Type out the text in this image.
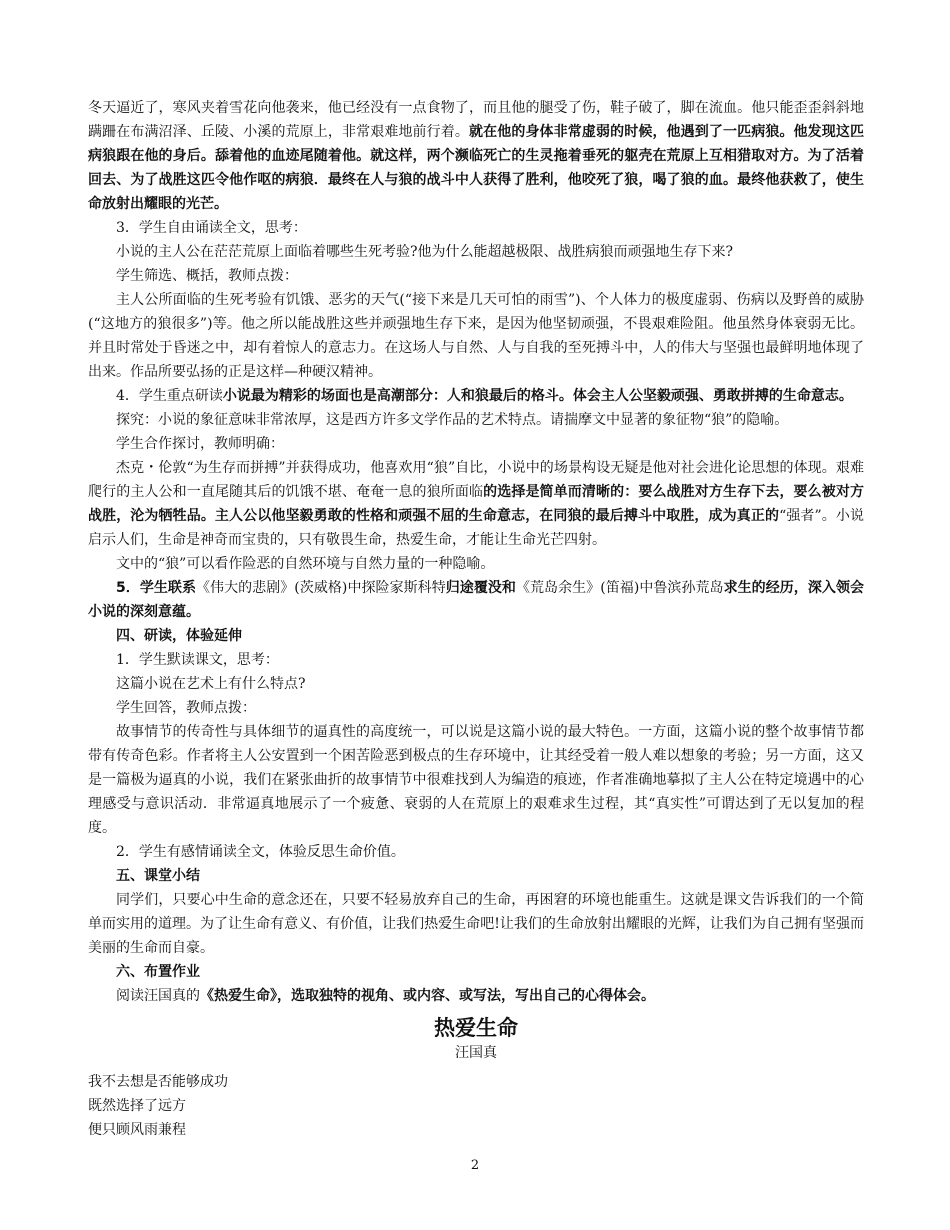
冬天逼近了，寒风夹着雪花向他袭来，他已经没有一点食物了，而且他的腿受了伤，鞋子破了，脚在流血。他只能歪歪斜斜地蹒跚在布满沼泽、丘陵、小溪的荒原上，非常艰难地前行着。就在他的身体非常虚弱的时候，他遇到了一匹病狼。他发现这匹病狼跟在他的身后。舔着他的血迹尾随着他。就这样，两个濒临死亡的生灵拖着垂死的躯壳在荒原上互相猎取对方。为了活着回去、为了战胜这匹令他作呕的病狼．最终在人与狼的战斗中人获得了胜利，他咬死了狼，喝了狼的血。最终他获救了，使生命放射出耀眼的光芒。

3．学生自由诵读全文，思考：

小说的主人公在茫茫荒原上面临着哪些生死考验?他为什么能超越极限、战胜病狼而顽强地生存下来?

学生筛选、概括，教师点拨：

主人公所面临的生死考验有饥饿、恶劣的天气(“接下来是几天可怕的雨雪”)、个人体力的极度虚弱、伤病以及野兽的威胁(“这地方的狼很多”)等。他之所以能战胜这些并顽强地生存下来，是因为他坚韧顽强，不畏艰难险阻。他虽然身体衰弱无比。并且时常处于昏迷之中，却有着惊人的意志力。在这场人与自然、人与自我的至死搏斗中，人的伟大与坚强也最鲜明地体现了出来。作品所要弘扬的正是这样—种硬汉精神。

4．学生重点研读小说最为精彩的场面也是高潮部分：人和狼最后的格斗。体会主人公坚毅顽强、勇敢拼搏的生命意志。

探究：小说的象征意味非常浓厚，这是西方许多文学作品的艺术特点。请揣摩文中显著的象征物“狼”的隐喻。

学生合作探讨，教师明确：

杰克・伦敦“为生存而拼搏”并获得成功，他喜欢用“狼”自比，小说中的场景构设无疑是他对社会进化论思想的体现。艰难爬行的主人公和一直尾随其后的饥饿不堪、奄奄一息的狼所面临的选择是简单而清晰的：要么战胜对方生存下去，要么被对方战胜，沦为牺牲品。主人公以他坚毅勇敢的性格和顽强不屈的生命意志，在同狼的最后搏斗中取胜，成为真正的“强者”。小说启示人们，生命是神奇而宝贵的，只有敬畏生命，热爱生命，才能让生命光芒四射。

文中的“狼”可以看作险恶的自然环境与自然力量的一种隐喻。

5．学生联系《伟大的悲剧》(茨威格)中探险家斯科特归途覆没和《荒岛余生》(笛福)中鲁滨孙荒岛求生的经历，深入领会小说的深刻意蕴。

四、研读，体验延伸

1．学生默读课文，思考：

这篇小说在艺术上有什么特点?

学生回答，教师点拨：

故事情节的传奇性与具体细节的逼真性的高度统一，可以说是这篇小说的最大特色。一方面，这篇小说的整个故事情节都带有传奇色彩。作者将主人公安置到一个困苦险恶到极点的生存环境中，让其经受着一般人难以想象的考验；另一方面，这又是一篇极为逼真的小说，我们在紧张曲折的故事情节中很难找到人为编造的痕迹，作者准确地摹拟了主人公在特定境遇中的心理感受与意识活动．非常逼真地展示了一个疲惫、衰弱的人在荒原上的艰难求生过程，其“真实性”可谓达到了无以复加的程度。

2．学生有感情诵读全文，体验反思生命价值。

五、课堂小结

同学们，只要心中生命的意念还在，只要不轻易放弃自己的生命，再困窘的环境也能重生。这就是课文告诉我们的一个简单而实用的道理。为了让生命有意义、有价值，让我们热爱生命吧!让我们的生命放射出耀眼的光辉，让我们为自己拥有坚强而美丽的生命而自豪。

六、布置作业

阅读汪国真的《热爱生命》，选取独特的视角、或内容、或写法，写出自己的心得体会。

热爱生命
汪国真

我不去想是否能够成功

既然选择了远方

便只顾风雨兼程

2
